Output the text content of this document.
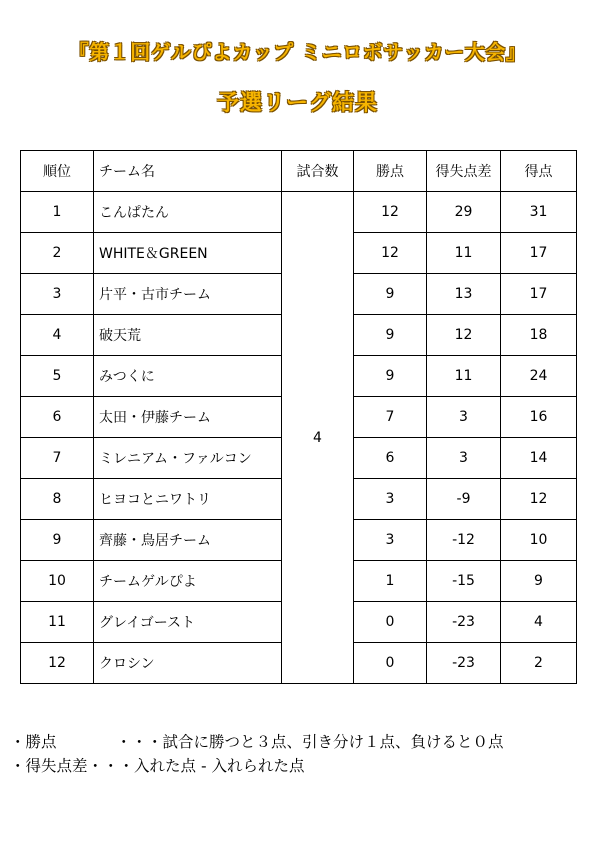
『第１回ゲルぴよカップ ミニロボサッカー大会』
予選リーグ結果
順位	チーム名	試合数	勝点	得失点差	得点
1	こんぱたん	4	12	29	31
2	WHITE＆GREEN		12	11	17
3	片平・古市チーム		9	13	17
4	破天荒		9	12	18
5	みつくに		9	11	24
6	太田・伊藤チーム		7	3	16
7	ミレニアム・ファルコン		6	3	14
8	ヒヨコとニワトリ		3	-9	12
9	齊藤・鳥居チーム		3	-12	10
10	チームゲルぴよ		1	-15	9
11	グレイゴースト		0	-23	4
12	クロシン		0	-23	2
・勝点	・・・試合に勝つと３点、引き分け１点、負けると０点
・得失点差・・・入れた点 - 入れられた点
